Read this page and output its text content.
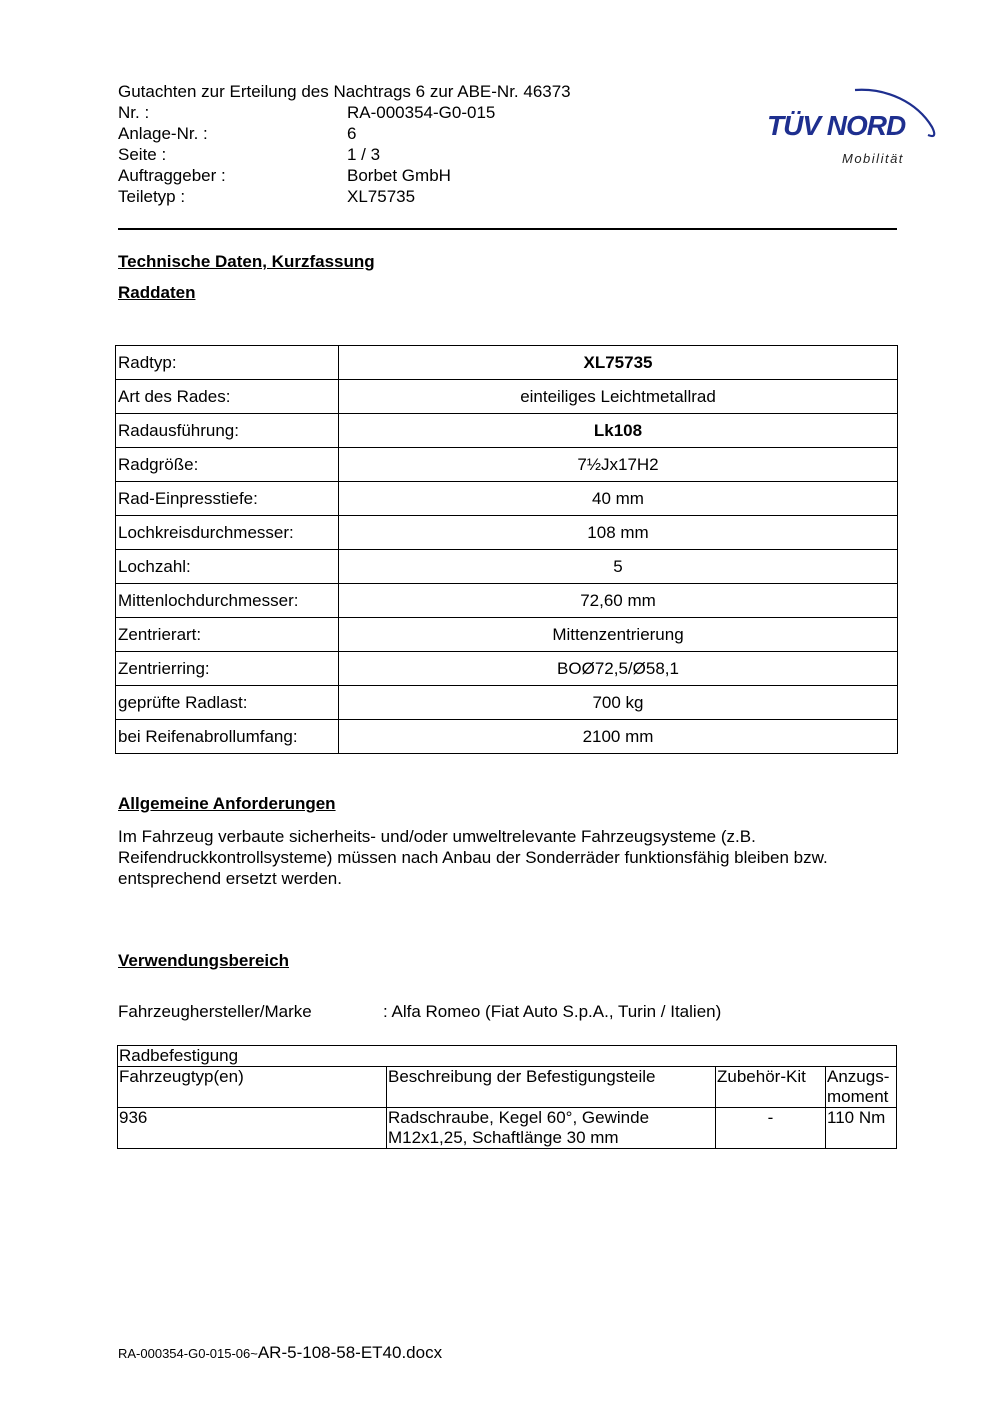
Gutachten zur Erteilung des Nachtrags 6 zur ABE-Nr. 46373
Nr. :	RA-000354-G0-015
Anlage-Nr. :	6
Seite :	1 / 3
Auftraggeber :	Borbet GmbH
Teiletyp :	XL75735
TÜV NORD
Mobilität
Technische Daten, Kurzfassung
Raddaten
Radtyp:	XL75735
Art des Rades:	einteiliges Leichtmetallrad
Radausführung:	Lk108
Radgröße:	7½Jx17H2
Rad-Einpresstiefe:	40 mm
Lochkreisdurchmesser:	108 mm
Lochzahl:	5
Mittenlochdurchmesser:	72,60 mm
Zentrierart:	Mittenzentrierung
Zentrierring:	BOØ72,5/Ø58,1
geprüfte Radlast:	700 kg
bei Reifenabrollumfang:	2100 mm
Allgemeine Anforderungen
Im Fahrzeug verbaute sicherheits- und/oder umweltrelevante Fahrzeugsysteme (z.B. Reifendruckkontrollsysteme) müssen nach Anbau der Sonderräder funktionsfähig bleiben bzw. entsprechend ersetzt werden.
Verwendungsbereich
Fahrzeughersteller/Marke	: Alfa Romeo (Fiat Auto S.p.A., Turin / Italien)
Radbefestigung			
Fahrzeugtyp(en)	Beschreibung der Befestigungsteile	Zubehör-Kit	Anzugs- moment
936	Radschraube, Kegel 60°, Gewinde M12x1,25, Schaftlänge 30 mm	-	110 Nm
RA-000354-G0-015-06~AR-5-108-58-ET40.docx
